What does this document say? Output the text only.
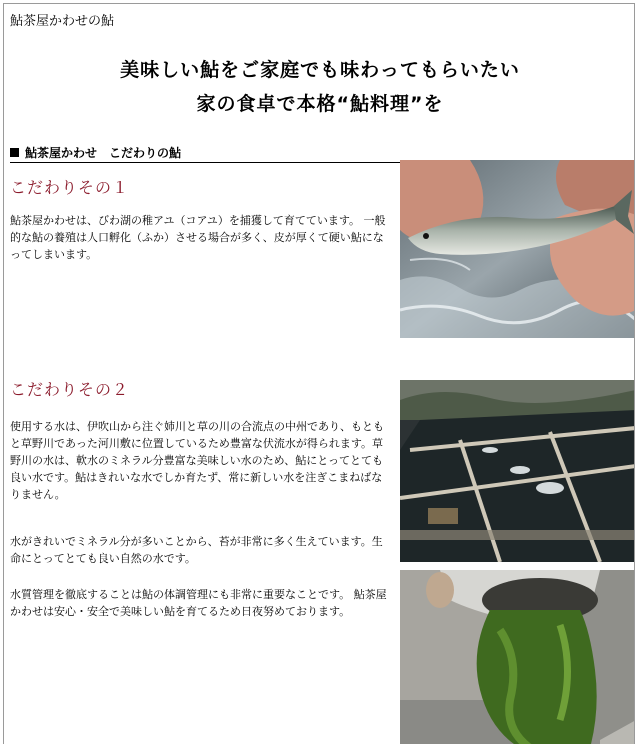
鮎茶屋かわせの鮎
美味しい鮎をご家庭でも味わってもらいたい
家の食卓で本格“鮎料理”を
鮎茶屋かわせ　こだわりの鮎
こだわりその１

鮎茶屋かわせは、びわ湖の稚アユ（コアユ）を捕獲して育てています。 一般的な鮎の養殖は人口孵化（ふか）させる場合が多く、皮が厚くて硬い鮎になってしまいます。

こだわりその２

使用する水は、伊吹山から注ぐ姉川と草の川の合流点の中州であり、もともと草野川であった河川敷に位置しているため豊富な伏流水が得られます。草野川の水は、軟水のミネラル分豊富な美味しい水のため、鮎にとってとても良い水です。鮎はきれいな水でしか育たず、常に新しい水を注ぎこまねばなりません。

水がきれいでミネラル分が多いことから、苔が非常に多く生えています。生命にとってとても良い自然の水です。

水質管理を徹底することは鮎の体調管理にも非常に重要なことです。 鮎茶屋かわせは安心・安全で美味しい鮎を育てるため日夜努めております。
